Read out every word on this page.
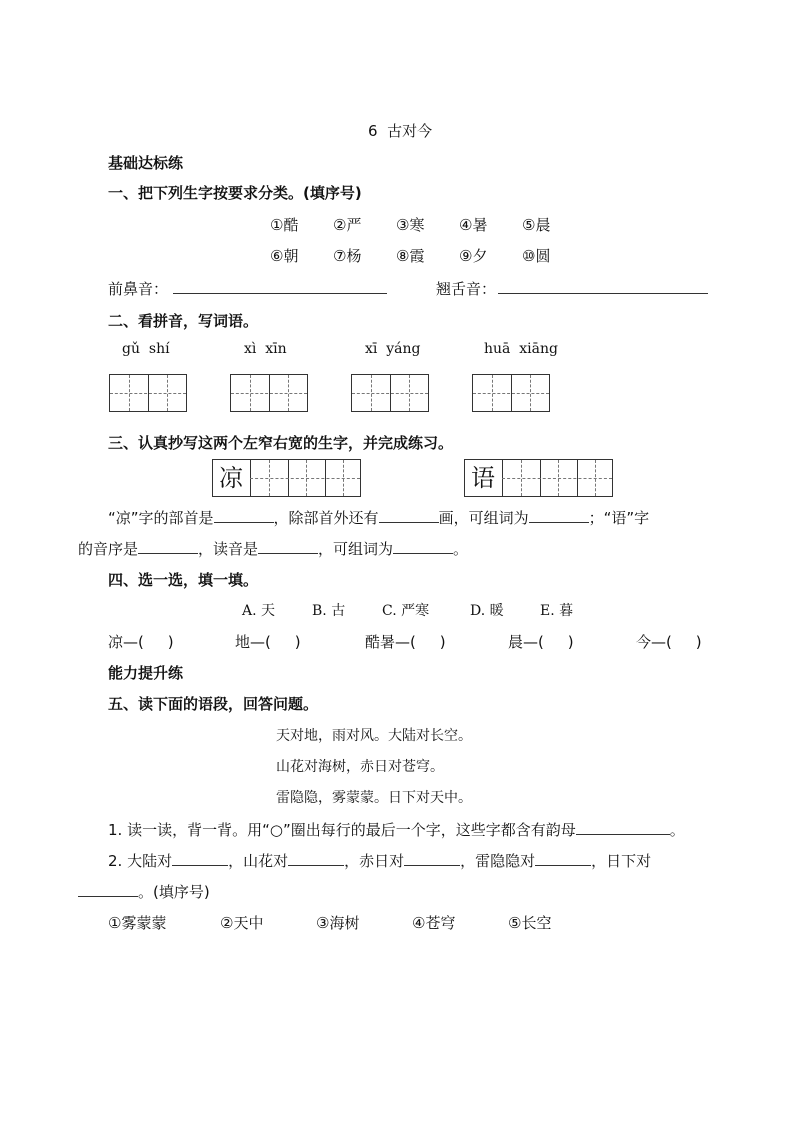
6  古对今
基础达标练
一、把下列生字按要求分类。(填序号)
①酷 ②严 ③寒 ④暑 ⑤晨
⑥朝 ⑦杨 ⑧霞 ⑨夕 ⑩圆
前鼻音：	翘舌音：
二、看拼音，写词语。
gǔ  shí	xì  xīn	xī  yáng	huā  xiāng
三、认真抄写这两个左窄右宽的生字，并完成练习。
凉	语
“凉”字的部首是	，除部首外还有	画，可组词为	；“语”字
的音序是	，读音是	，可组词为	。
四、选一选，填一填。
A. 天	B. 古	C. 严寒	D. 暖	E. 暮
凉—(     )	地—(     )	酷暑—(     )	晨—(     )	今—(     )
能力提升练
五、读下面的语段，回答问题。
天对地，雨对风。大陆对长空。
山花对海树，赤日对苍穹。
雷隐隐，雾蒙蒙。日下对天中。
1. 读一读，背一背。用“○”圈出每行的最后一个字，这些字都含有韵母	。
2. 大陆对	，山花对	，赤日对	，雷隐隐对	，日下对
。(填序号)
①雾蒙蒙	②天中	③海树	④苍穹	⑤长空
